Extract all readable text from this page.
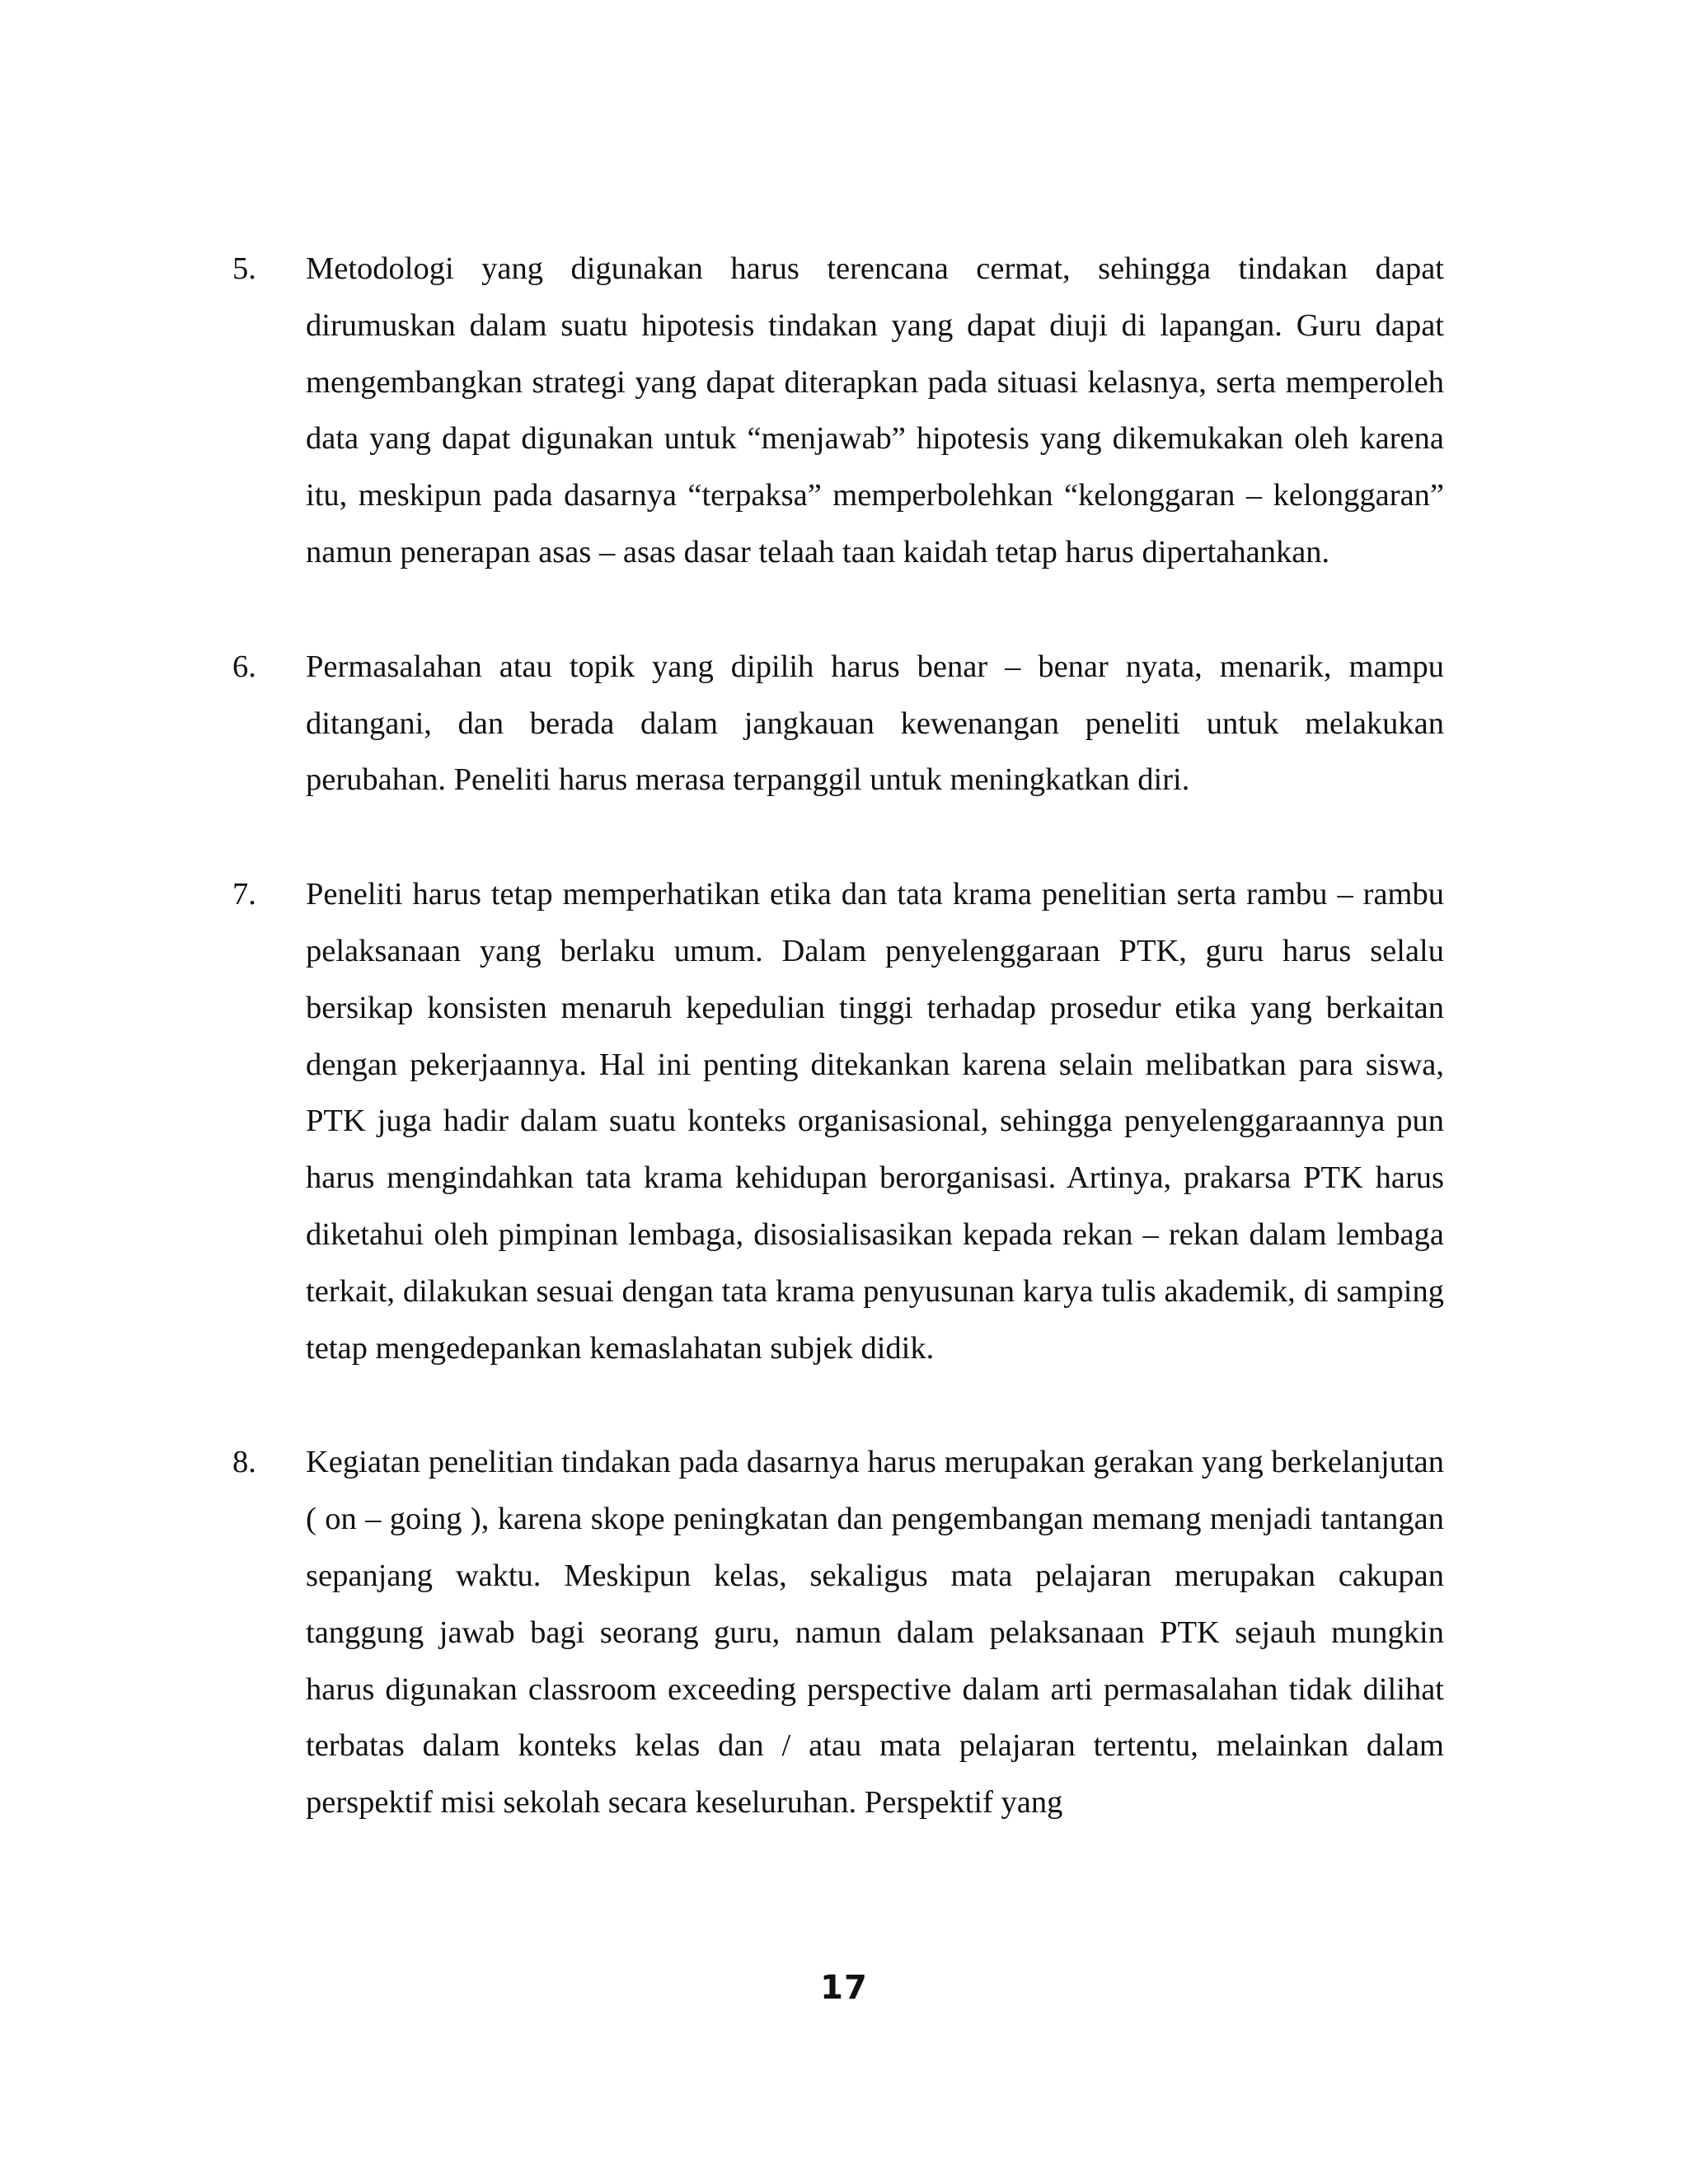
5.	Metodologi yang digunakan harus terencana cermat, sehingga tindakan dapat dirumuskan dalam suatu hipotesis tindakan yang dapat diuji di lapangan. Guru dapat mengembangkan strategi yang dapat diterapkan pada situasi kelasnya, serta memperoleh data yang dapat digunakan untuk “menjawab” hipotesis yang dikemukakan oleh karena itu, meskipun pada dasarnya “terpaksa” memperbolehkan “kelonggaran – kelonggaran” namun penerapan asas – asas dasar telaah taan kaidah tetap harus dipertahankan.

6.	Permasalahan atau topik yang dipilih harus benar – benar nyata, menarik, mampu ditangani, dan berada dalam jangkauan kewenangan peneliti untuk melakukan perubahan. Peneliti harus merasa terpanggil untuk meningkatkan diri.

7.	Peneliti harus tetap memperhatikan etika dan tata krama penelitian serta rambu – rambu pelaksanaan yang berlaku umum. Dalam penyelenggaraan PTK, guru harus selalu bersikap konsisten menaruh kepedulian tinggi terhadap prosedur etika yang berkaitan dengan pekerjaannya. Hal ini penting ditekankan karena selain melibatkan para siswa, PTK juga hadir dalam suatu konteks organisasional, sehingga penyelenggaraannya pun harus mengindahkan tata krama kehidupan berorganisasi. Artinya, prakarsa PTK harus diketahui oleh pimpinan lembaga, disosialisasikan kepada rekan – rekan dalam lembaga terkait, dilakukan sesuai dengan tata krama penyusunan karya tulis akademik, di samping tetap mengedepankan kemaslahatan subjek didik.

8.	Kegiatan penelitian tindakan pada dasarnya harus merupakan gerakan yang berkelanjutan ( on – going ), karena skope peningkatan dan pengembangan memang menjadi tantangan sepanjang waktu. Meskipun kelas, sekaligus mata pelajaran merupakan cakupan tanggung jawab bagi seorang guru, namun dalam pelaksanaan PTK sejauh mungkin harus digunakan classroom exceeding perspective dalam arti permasalahan tidak dilihat terbatas dalam konteks kelas dan / atau mata pelajaran tertentu, melainkan dalam perspektif misi sekolah secara keseluruhan. Perspektif yang

17
